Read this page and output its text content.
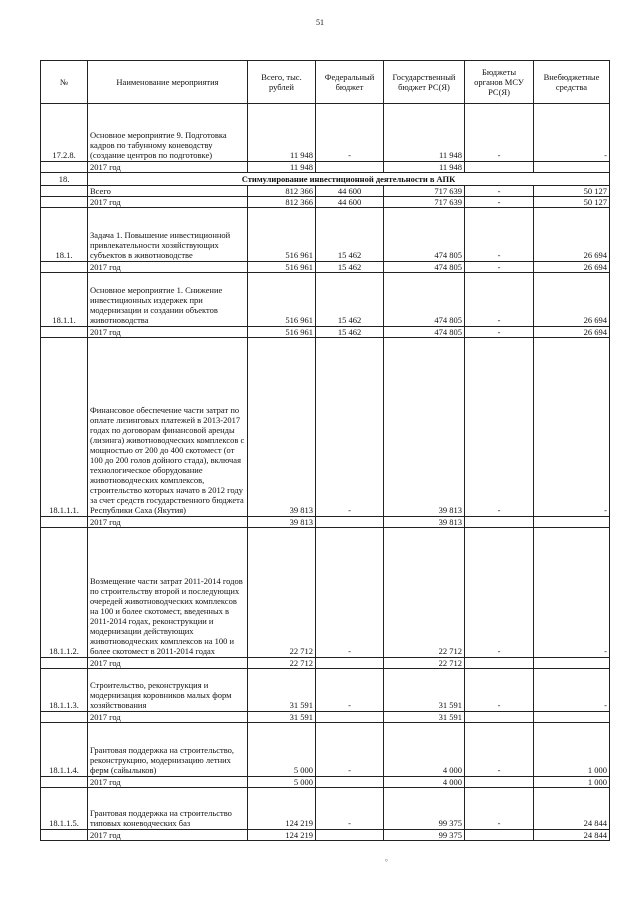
51
№	Наименование мероприятия	Всего, тыс. рублей	Федеральный бюджет	Государственный бюджет РС(Я)	Бюджеты органов МСУ РС(Я)	Внебюджетные средства
17.2.8.	Основное мероприятие 9. Подготовка кадров по табунному коневодству (создание центров по подготовке)	11 948	-	11 948	-	-
	2017 год	11 948		11 948		
18.	Стимулирование инвестиционной деятельности в АПК					
	Всего	812 366	44 600	717 639	-	50 127
	2017 год	812 366	44 600	717 639	-	50 127
18.1.	Задача 1. Повышение инвестиционной привлекательности хозяйствующих субъектов в животноводстве	516 961	15 462	474 805	-	26 694
	2017 год	516 961	15 462	474 805	-	26 694
18.1.1.	Основное мероприятие 1. Снижение инвестиционных издержек при модернизации и создании объектов животноводства	516 961	15 462	474 805	-	26 694
	2017 год	516 961	15 462	474 805	-	26 694
18.1.1.1.	Финансовое обеспечение части затрат по оплате лизинговых платежей в 2013-2017 годах по договорам финансовой аренды (лизинга) животноводческих комплексов с мощностью от 200 до 400 скотомест (от 100 до 200 голов дойного стада), включая технологическое оборудование животноводческих комплексов, строительство которых начато в 2012 году за счет средств государственного бюджета Республики Саха (Якутия)	39 813	-	39 813	-	-
	2017 год	39 813		39 813		
18.1.1.2.	Возмещение части затрат 2011-2014 годов по строительству второй и последующих очередей животноводческих комплексов на 100 и более скотомест, введенных в 2011-2014 годах, реконструкции и модернизации действующих животноводческих комплексов на 100 и более скотомест в 2011-2014 годах	22 712	-	22 712	-	-
	2017 год	22 712		22 712		
18.1.1.3.	Строительство, реконструкция и модернизация коровников малых форм хозяйствования	31 591	-	31 591	-	-
	2017 год	31 591		31 591		
18.1.1.4.	Грантовая поддержка на строительство, реконструкцию, модернизацию летних ферм (сайылыков)	5 000	-	4 000	-	1 000
	2017 год	5 000		4 000		1 000
18.1.1.5.	Грантовая поддержка на строительство типовых коневодческих баз	124 219	-	99 375	-	24 844
	2017 год	124 219		99 375		24 844
°
